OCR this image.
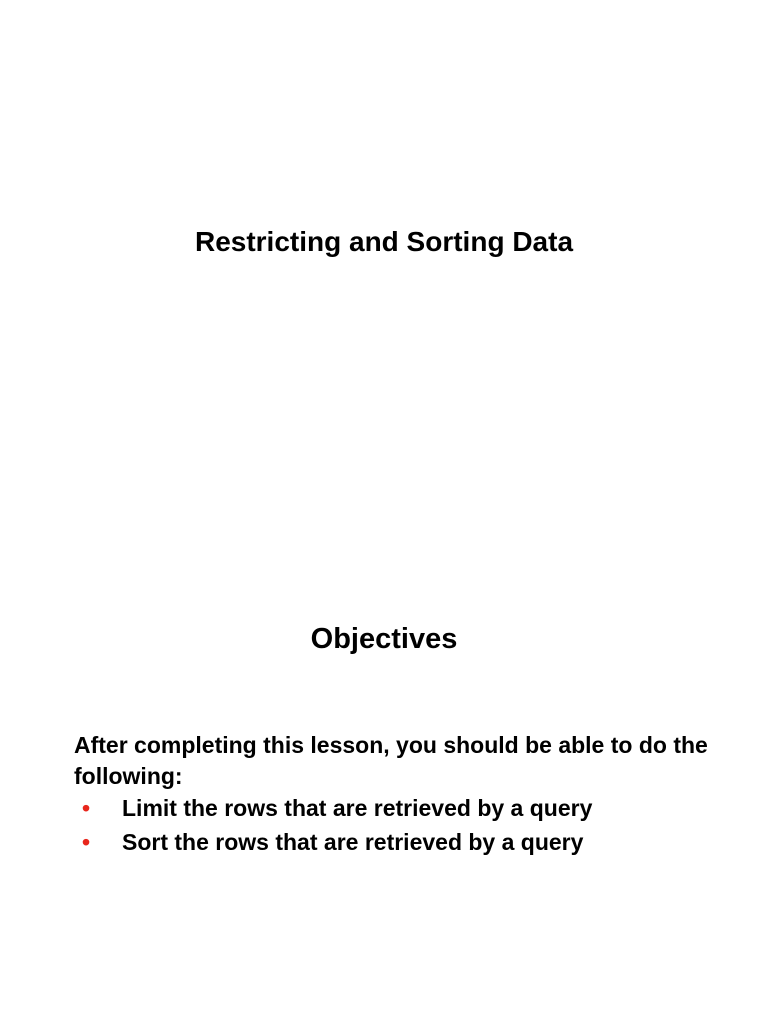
Restricting and Sorting Data
Objectives

After completing this lesson, you should be able to do the following:

• Limit the rows that are retrieved by a query
• Sort the rows that are retrieved by a query
